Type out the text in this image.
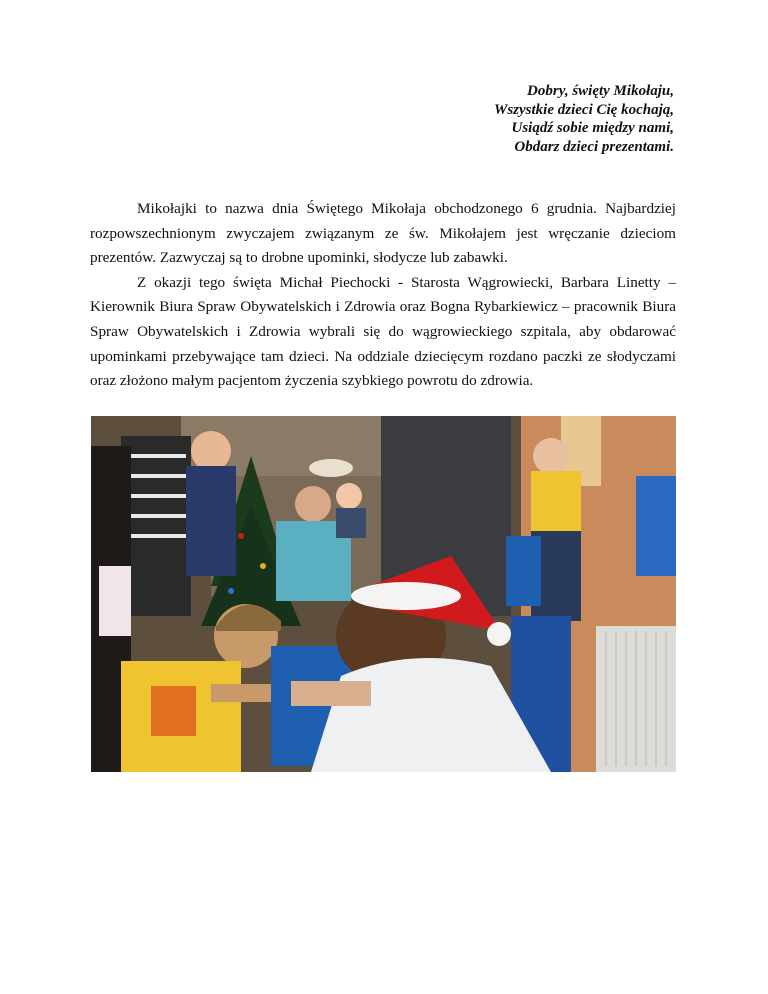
Dobry, święty Mikołaju,
Wszystkie dzieci Cię kochają,
Usiądź sobie między nami,
Obdarz dzieci prezentami.

Mikołajki to nazwa dnia Świętego Mikołaja obchodzonego 6 grudnia. Najbardziej rozpowszechnionym zwyczajem związanym ze św. Mikołajem jest wręczanie dzieciom prezentów. Zazwyczaj są to drobne upominki, słodycze lub zabawki.

Z okazji tego święta Michał Piechocki - Starosta Wągrowiecki, Barbara Linetty – Kierownik Biura Spraw Obywatelskich i Zdrowia oraz Bogna Rybarkiewicz – pracownik Biura Spraw Obywatelskich i Zdrowia wybrali się do wągrowieckiego szpitala, aby obdarować upominkami przebywające tam dzieci. Na oddziale dziecięcym rozdano paczki ze słodyczami oraz złożono małym pacjentom życzenia szybkiego powrotu do zdrowia.
